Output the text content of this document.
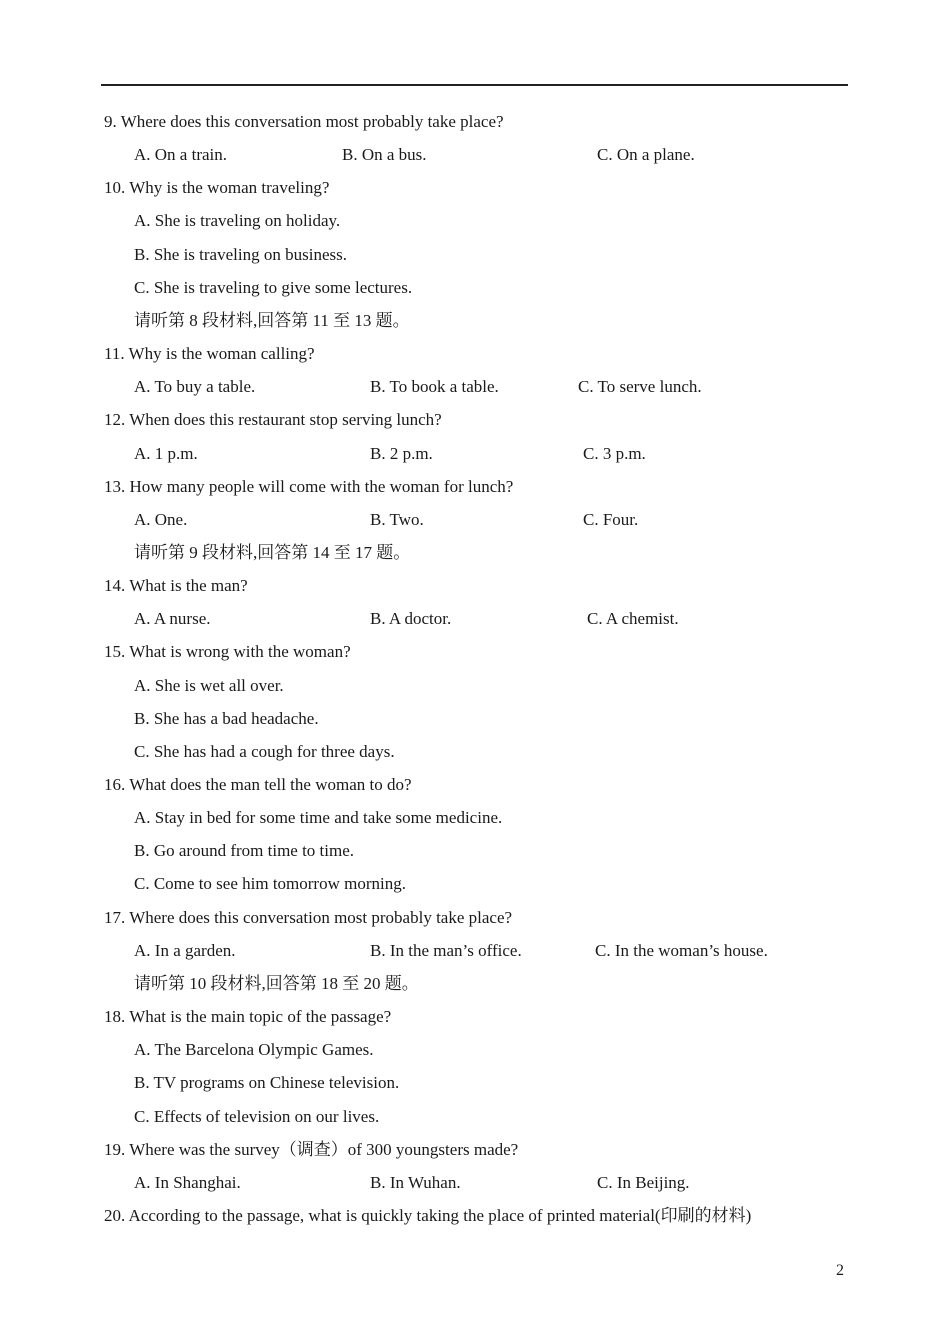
9. Where does this conversation most probably take place?
A. On a train.	B. On a bus.	C. On a plane.
10. Why is the woman traveling?
A. She is traveling on holiday.
B. She is traveling on business.
C. She is traveling to give some lectures.
请听第 8 段材料,回答第 11 至 13 题。
11. Why is the woman calling?
A. To buy a table.	B. To book a table.	C. To serve lunch.
12. When does this restaurant stop serving lunch?
A. 1 p.m.	B. 2 p.m.	C. 3 p.m.
13. How many people will come with the woman for lunch?
A. One.	B. Two.	C. Four.
请听第 9 段材料,回答第 14 至 17 题。
14. What is the man?
A. A nurse.	B. A doctor.	C. A chemist.
15. What is wrong with the woman?
A. She is wet all over.
B. She has a bad headache.
C. She has had a cough for three days.
16. What does the man tell the woman to do?
A. Stay in bed for some time and take some medicine.
B. Go around from time to time.
C. Come to see him tomorrow morning.
17. Where does this conversation most probably take place?
A. In a garden.	B. In the man’s office.	C. In the woman’s house.
请听第 10 段材料,回答第 18 至 20 题。
18. What is the main topic of the passage?
A. The Barcelona Olympic Games.
B. TV programs on Chinese television.
C. Effects of television on our lives.
19. Where was the survey（调查）of 300 youngsters made?
A. In Shanghai.	B. In Wuhan.	C. In Beijing.
20. According to the passage, what is quickly taking the place of printed material(印刷的材料)
2
